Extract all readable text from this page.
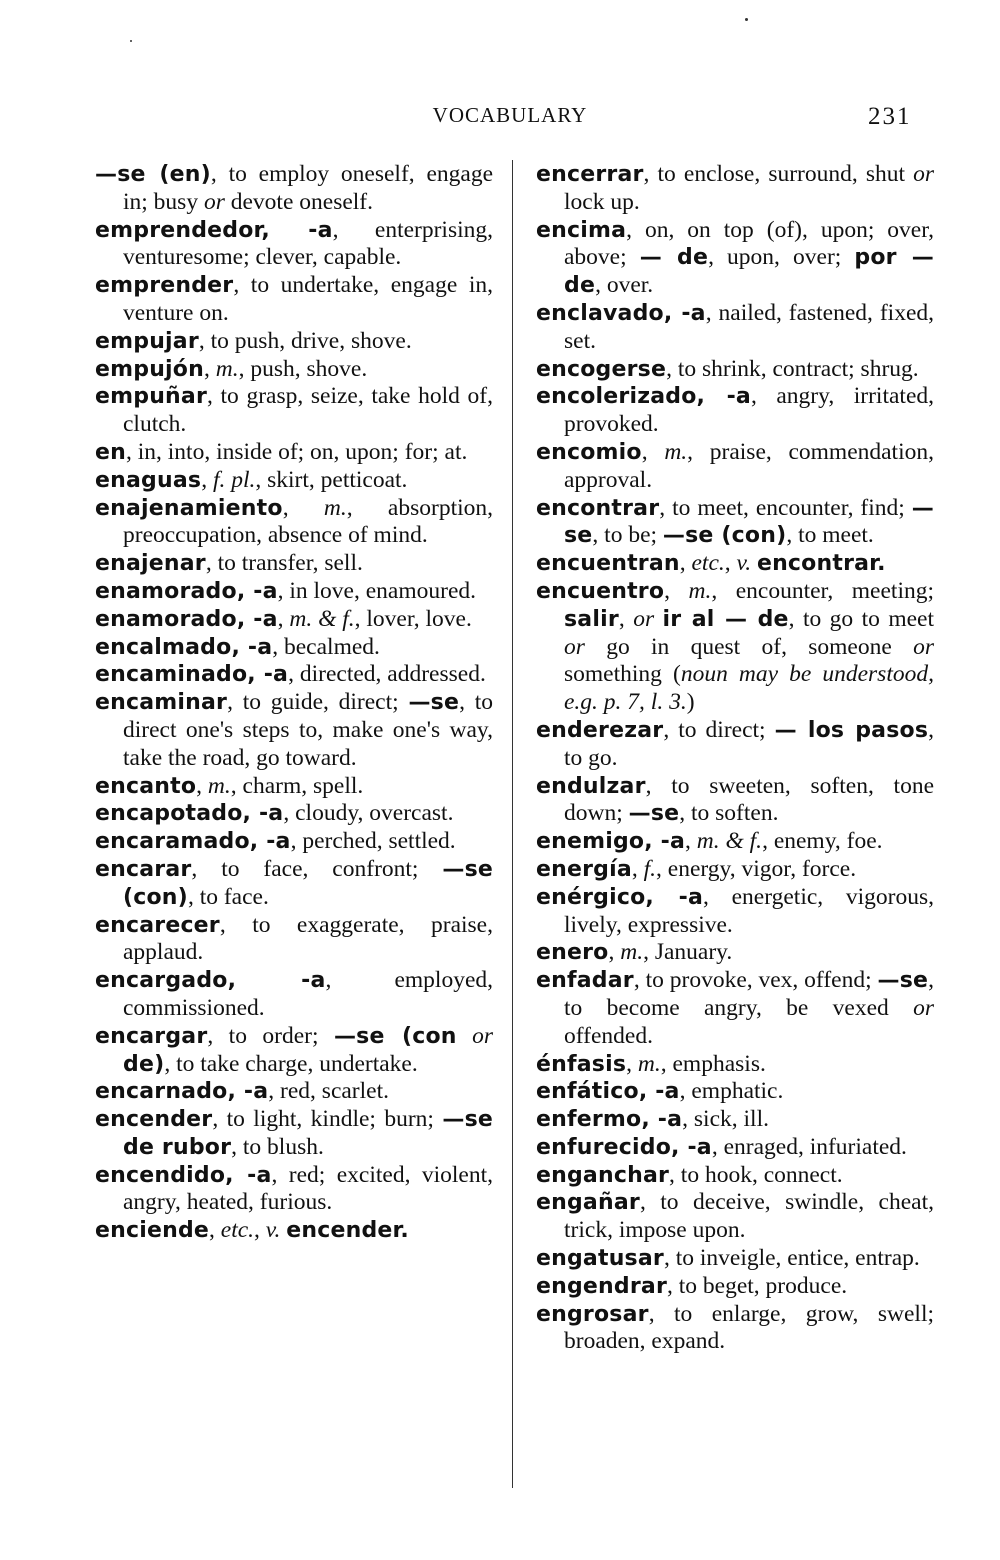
VOCABULARY	231

—se (en), to employ oneself, engage in; busy or devote oneself.

emprendedor, -a, enterprising, venturesome; clever, capable.

emprender, to undertake, engage in, venture on.

empujar, to push, drive, shove.

empujón, m., push, shove.

empuñar, to grasp, seize, take hold of, clutch.

en, in, into, inside of; on, upon; for; at.

enaguas, f. pl., skirt, petticoat.

enajenamiento, m., absorption, preoccupation, absence of mind.

enajenar, to transfer, sell.

enamorado, -a, in love, enamoured.

enamorado, -a, m. & f., lover, love.

encalmado, -a, becalmed.

encaminado, -a, directed, addressed.

encaminar, to guide, direct; —se, to direct one's steps to, make one's way, take the road, go toward.

encanto, m., charm, spell.

encapotado, -a, cloudy, overcast.

encaramado, -a, perched, settled.

encarar, to face, confront; —se (con), to face.

encarecer, to exaggerate, praise, applaud.

encargado, -a, employed, commissioned.

encargar, to order; —se (con or de), to take charge, undertake.

encarnado, -a, red, scarlet.

encender, to light, kindle; burn; —se de rubor, to blush.

encendido, -a, red; excited, violent, angry, heated, furious.

enciende, etc., v. encender.

encerrar, to enclose, surround, shut or lock up.

encima, on, on top (of), upon; over, above; — de, upon, over; por — de, over.

enclavado, -a, nailed, fastened, fixed, set.

encogerse, to shrink, contract; shrug.

encolerizado, -a, angry, irritated, provoked.

encomio, m., praise, commendation, approval.

encontrar, to meet, encounter, find; —se, to be; —se (con), to meet.

encuentran, etc., v. encontrar.

encuentro, m., encounter, meeting; salir, or ir al — de, to go to meet or go in quest of, someone or something (noun may be understood, e.g. p. 7, l. 3.)

enderezar, to direct; — los pasos, to go.

endulzar, to sweeten, soften, tone down; —se, to soften.

enemigo, -a, m. & f., enemy, foe.

energía, f., energy, vigor, force.

enérgico, -a, energetic, vigorous, lively, expressive.

enero, m., January.

enfadar, to provoke, vex, offend; —se, to become angry, be vexed or offended.

énfasis, m., emphasis.

enfático, -a, emphatic.

enfermo, -a, sick, ill.

enfurecido, -a, enraged, infuriated.

enganchar, to hook, connect.

engañar, to deceive, swindle, cheat, trick, impose upon.

engatusar, to inveigle, entice, entrap.

engendrar, to beget, produce.

engrosar, to enlarge, grow, swell; broaden, expand.
